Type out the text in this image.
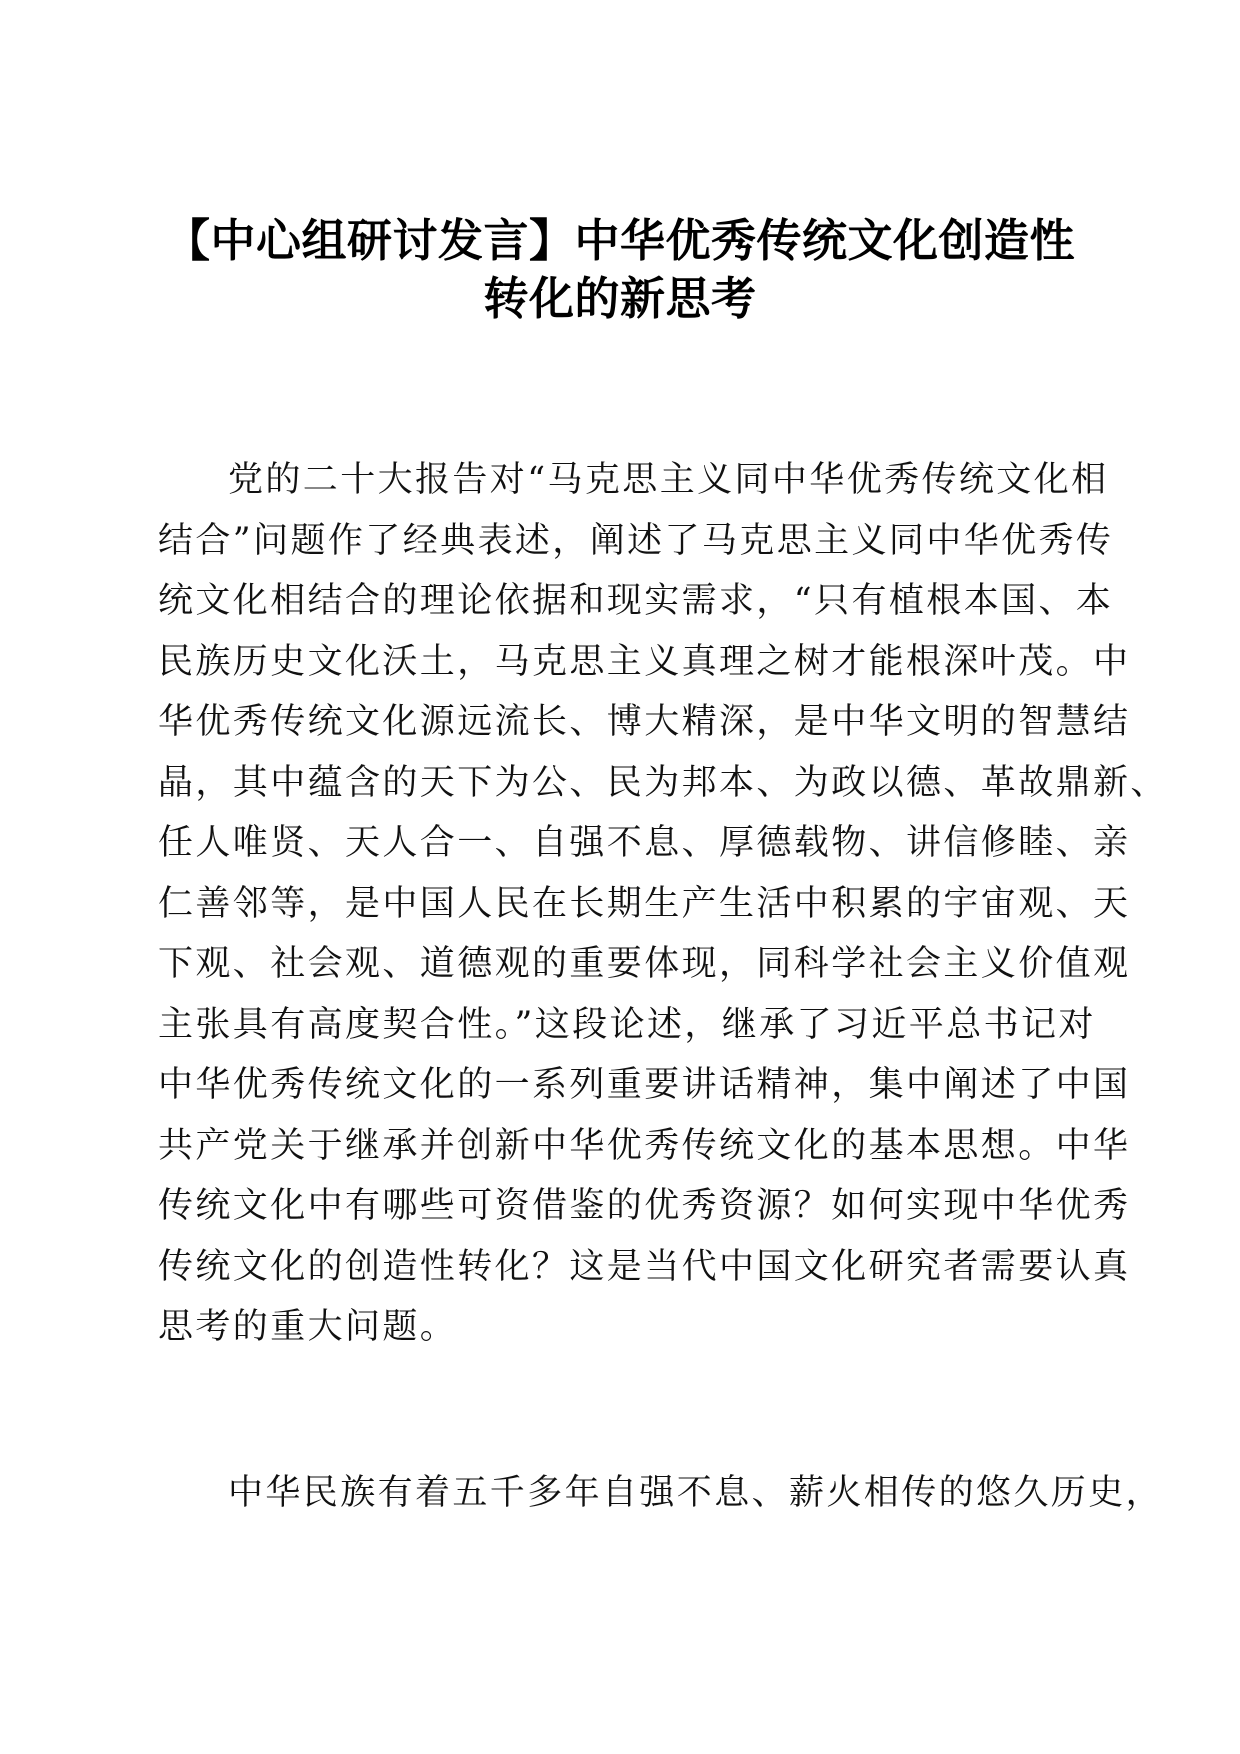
【中心组研讨发言】中华优秀传统文化创造性
转化的新思考
党的二十大报告对“马克思主义同中华优秀传统文化相
结合”问题作了经典表述，阐述了马克思主义同中华优秀传
统文化相结合的理论依据和现实需求，“只有植根本国、本
民族历史文化沃土，马克思主义真理之树才能根深叶茂。中
华优秀传统文化源远流长、博大精深，是中华文明的智慧结
晶，其中蕴含的天下为公、民为邦本、为政以德、革故鼎新、
任人唯贤、天人合一、自强不息、厚德载物、讲信修睦、亲
仁善邻等，是中国人民在长期生产生活中积累的宇宙观、天
下观、社会观、道德观的重要体现，同科学社会主义价值观
主张具有高度契合性。”这段论述，继承了习近平总书记对
中华优秀传统文化的一系列重要讲话精神，集中阐述了中国
共产党关于继承并创新中华优秀传统文化的基本思想。中华
传统文化中有哪些可资借鉴的优秀资源？如何实现中华优秀
传统文化的创造性转化？这是当代中国文化研究者需要认真
思考的重大问题。
中华民族有着五千多年自强不息、薪火相传的悠久历史，
